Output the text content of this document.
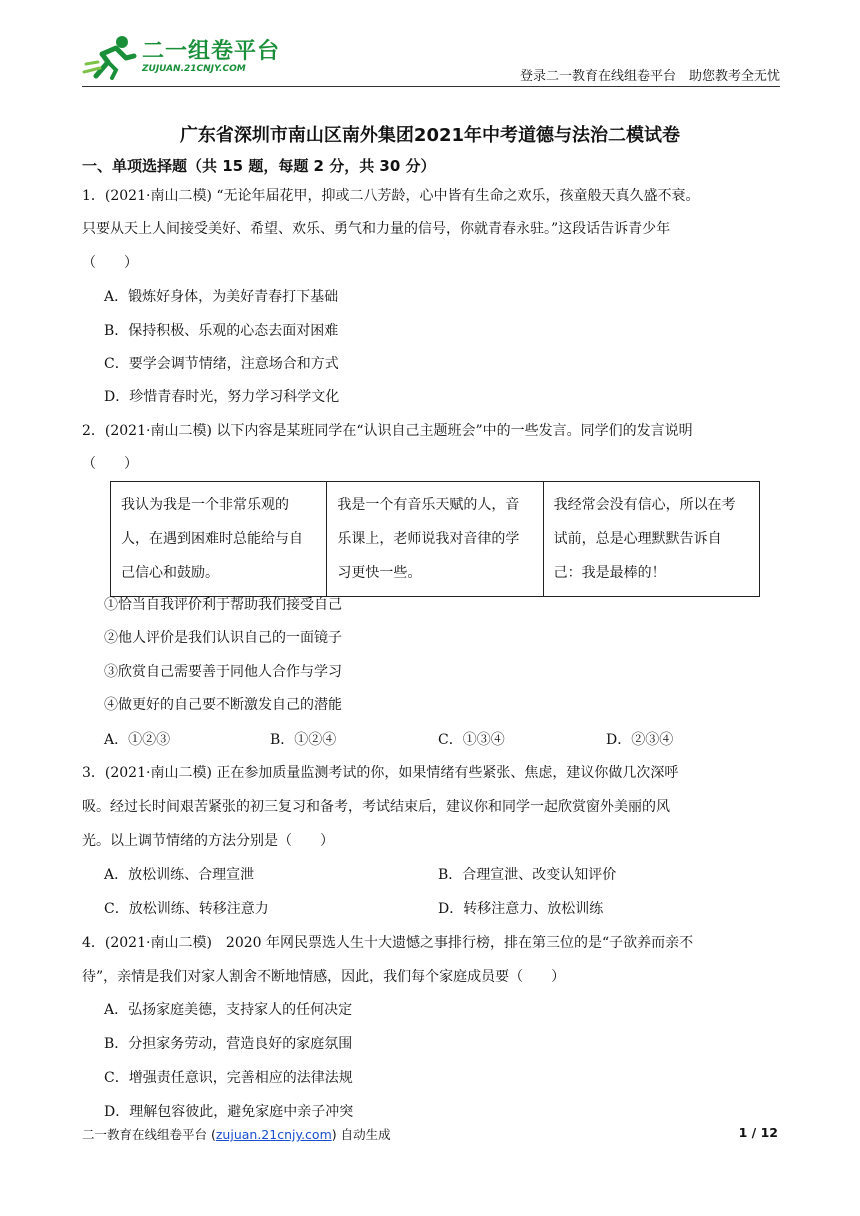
二一组卷平台
ZUJUAN.21CNJY.COM	登录二一教育在线组卷平台　助您教考全无忧
广东省深圳市南山区南外集团2021年中考道德与法治二模试卷
一、单项选择题（共 15 题，每题 2 分，共 30 分）
1．(2021·南山二模) “无论年届花甲，抑或二八芳龄，心中皆有生命之欢乐，孩童般天真久盛不衰。
只要从天上人间接受美好、希望、欢乐、勇气和力量的信号，你就青春永驻。”这段话告诉青少年
（　　）
A．锻炼好身体，为美好青春打下基础
B．保持积极、乐观的心态去面对困难
C．要学会调节情绪，注意场合和方式
D．珍惜青春时光，努力学习科学文化
2．(2021·南山二模) 以下内容是某班同学在“认识自己主题班会”中的一些发言。同学们的发言说明
（　　）
我认为我是一个非常乐观的人，在遇到困难时总能给与自己信心和鼓励。	我是一个有音乐天赋的人，音乐课上，老师说我对音律的学习更快一些。	我经常会没有信心，所以在考试前，总是心理默默告诉自己：我是最棒的！
①恰当自我评价利于帮助我们接受自己
②他人评价是我们认识自己的一面镜子
③欣赏自己需要善于同他人合作与学习
④做更好的自己要不断激发自己的潜能
A．①②③	B．①②④	C．①③④	D．②③④
3．(2021·南山二模) 正在参加质量监测考试的你，如果情绪有些紧张、焦虑，建议你做几次深呼
吸。经过长时间艰苦紧张的初三复习和备考，考试结束后，建议你和同学一起欣赏窗外美丽的风
光。以上调节情绪的方法分别是（　　）
A．放松训练、合理宣泄	B．合理宣泄、改变认知评价
C．放松训练、转移注意力	D．转移注意力、放松训练
4．(2021·南山二模)　2020 年网民票选人生十大遗憾之事排行榜，排在第三位的是“子欲养而亲不
待”，亲情是我们对家人割舍不断地情感，因此，我们每个家庭成员要（　　）
A．弘扬家庭美德，支持家人的任何决定
B．分担家务劳动，营造良好的家庭氛围
C．增强责任意识，完善相应的法律法规
D．理解包容彼此，避免家庭中亲子冲突
二一教育在线组卷平台 (zujuan.21cnjy.com) 自动生成	1 / 12
